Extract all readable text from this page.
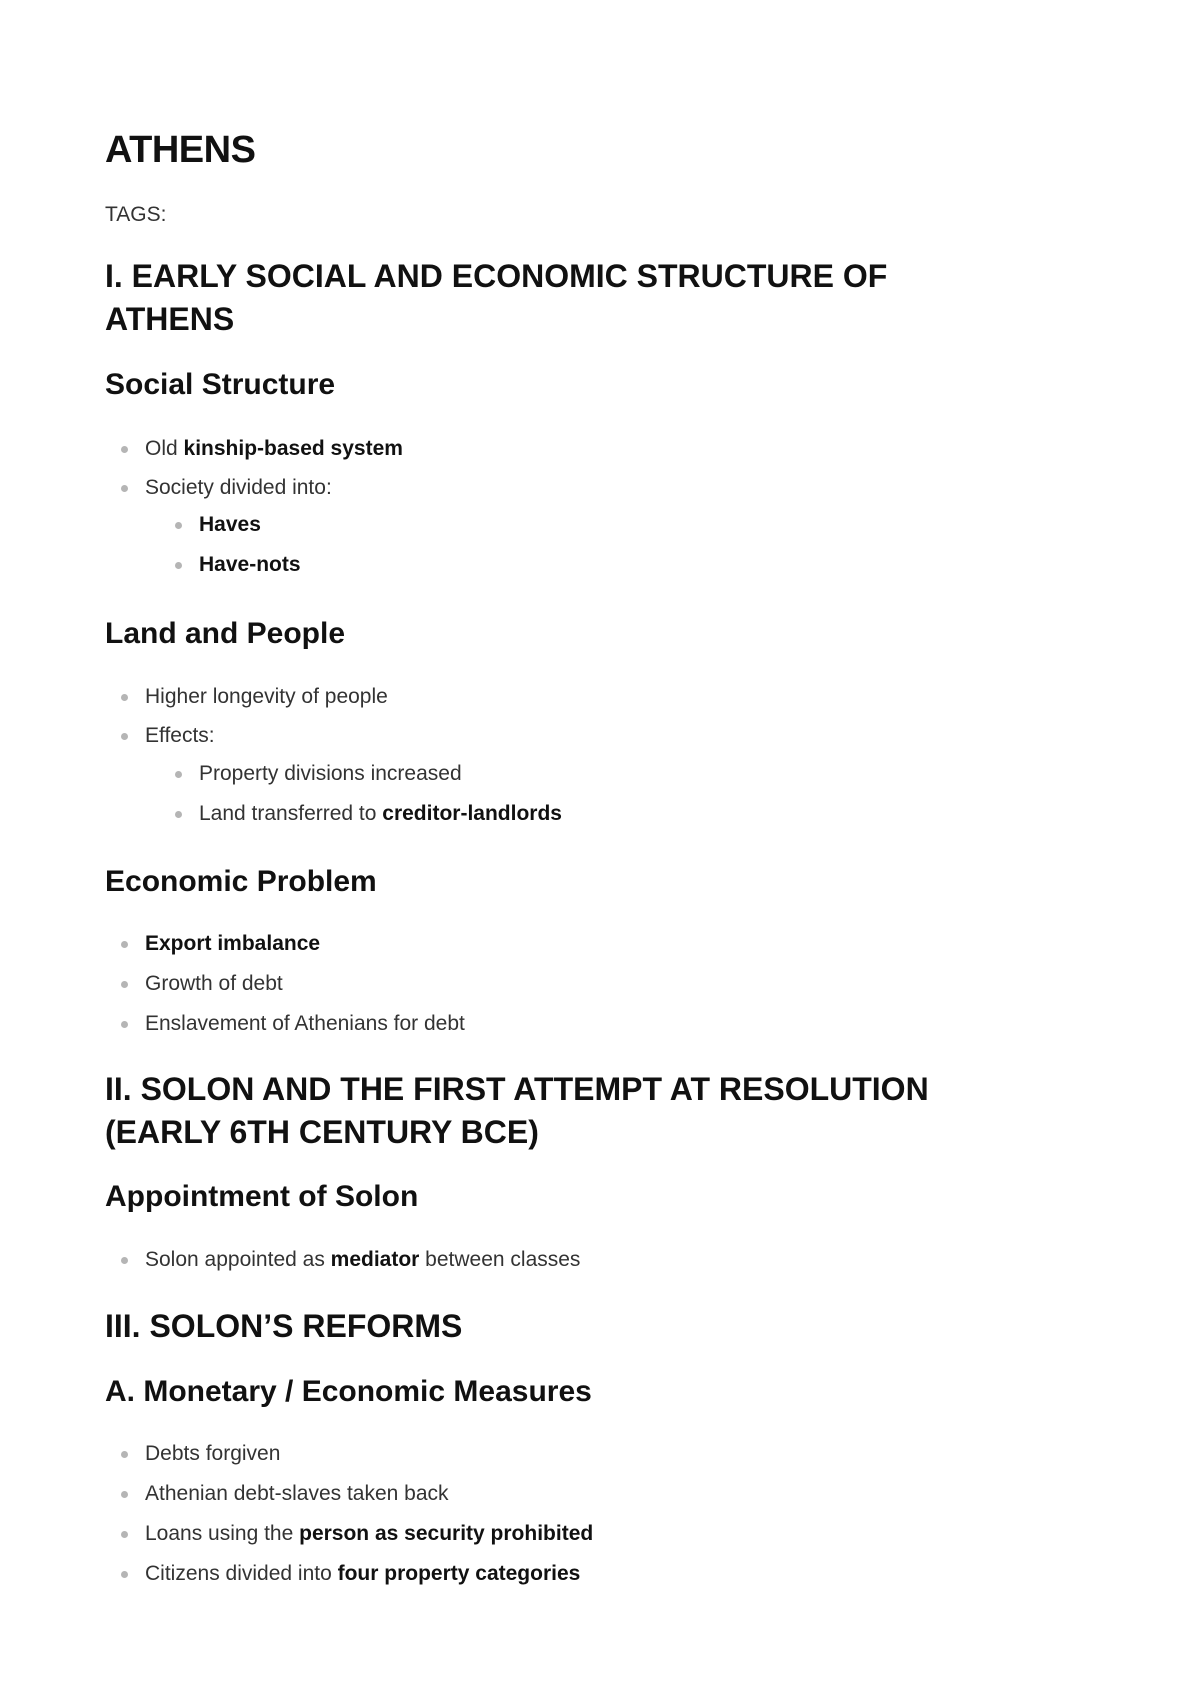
ATHENS
TAGS:
I. EARLY SOCIAL AND ECONOMIC STRUCTURE OF
ATHENS
Social Structure
Old kinship-based system
Society divided into:
Haves
Have-nots
Land and People
Higher longevity of people
Effects:
Property divisions increased
Land transferred to creditor-landlords
Economic Problem
Export imbalance
Growth of debt
Enslavement of Athenians for debt
II. SOLON AND THE FIRST ATTEMPT AT RESOLUTION
(EARLY 6TH CENTURY BCE)
Appointment of Solon
Solon appointed as mediator between classes
III. SOLON’S REFORMS
A. Monetary / Economic Measures
Debts forgiven
Athenian debt-slaves taken back
Loans using the person as security prohibited
Citizens divided into four property categories
